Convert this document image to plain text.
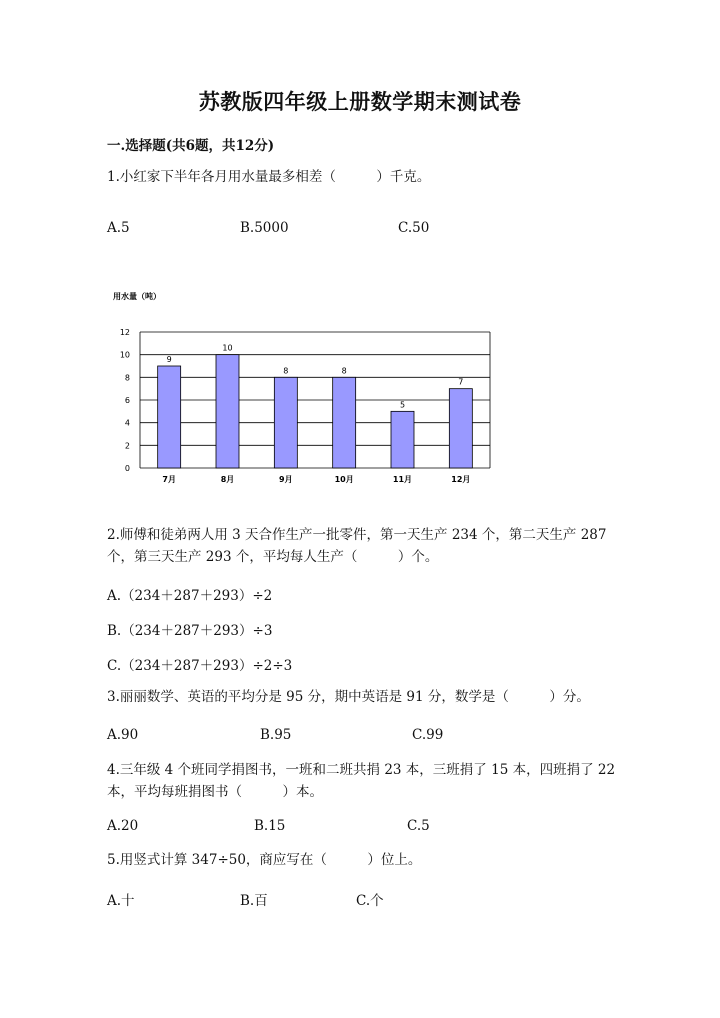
苏教版四年级上册数学期末测试卷
一.选择题(共6题，共12分)
1.小红家下半年各月用水量最多相差（　　　）千克。
A.5	B.5000	C.50
用水量（吨）
0
2
4
6
8
10
12
9
7月
10
8月
8
9月
8
10月
5
11月
7
12月
2.师傅和徒弟两人用 3 天合作生产一批零件，第一天生产 234 个，第二天生产 287 个，第三天生产 293 个，平均每人生产（　　　）个。
A.（234＋287＋293）÷2
B.（234＋287＋293）÷3
C.（234＋287＋293）÷2÷3
3.丽丽数学、英语的平均分是 95 分，期中英语是 91 分，数学是（　　　）分。
A.90	B.95	C.99
4.三年级 4 个班同学捐图书，一班和二班共捐 23 本，三班捐了 15 本，四班捐了 22 本，平均每班捐图书（　　　）本。
A.20	B.15	C.5
5.用竖式计算 347÷50，商应写在（　　　）位上。
A.十	B.百	C.个
